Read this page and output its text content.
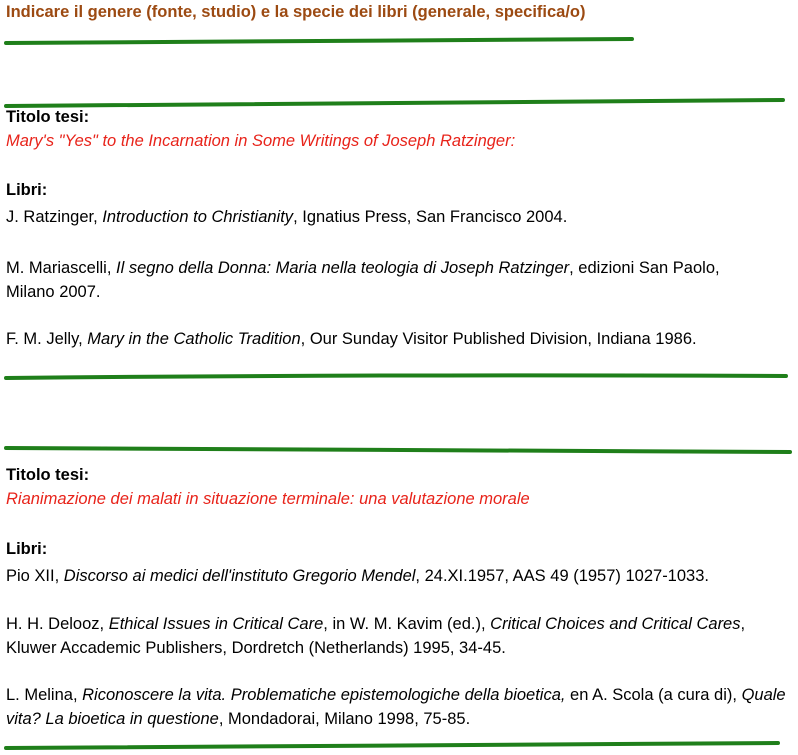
Indicare il genere (fonte, studio) e la specie dei libri (generale, specifica/o)
Titolo tesi:
Mary's "Yes" to the Incarnation in Some Writings of Joseph Ratzinger:
Libri:
J. Ratzinger, Introduction to Christianity, Ignatius Press, San Francisco 2004.
M. Mariascelli, Il segno della Donna: Maria nella teologia di Joseph Ratzinger, edizioni San Paolo, Milano 2007.
F. M. Jelly, Mary in the Catholic Tradition, Our Sunday Visitor Published Division, Indiana 1986.
Titolo tesi:
Rianimazione dei malati in situazione terminale: una valutazione morale
Libri:
Pio XII, Discorso ai medici dell'instituto Gregorio Mendel, 24.XI.1957, AAS 49 (1957) 1027-1033.
H. H. Delooz, Ethical Issues in Critical Care, in W. M. Kavim (ed.), Critical Choices and Critical Cares, Kluwer Accademic Publishers, Dordretch (Netherlands) 1995, 34-45.
L. Melina, Riconoscere la vita. Problematiche epistemologiche della bioetica, en A. Scola (a cura di), Quale vita? La bioetica in questione, Mondadorai, Milano 1998, 75-85.
